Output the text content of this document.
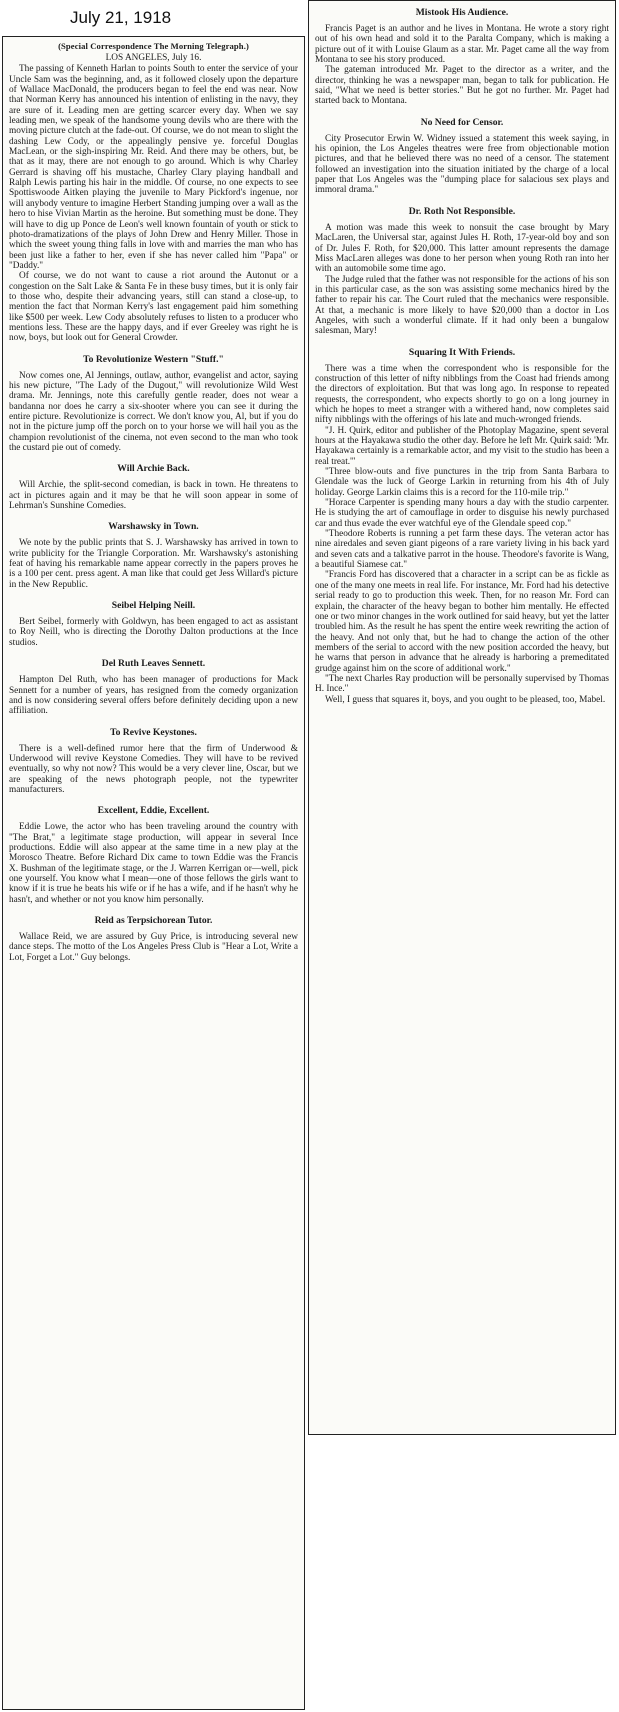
July 21, 1918

(Special Correspondence The Morning Telegraph.)

LOS ANGELES, July 16.

The passing of Kenneth Harlan to points South to enter the service of your Uncle Sam was the beginning, and, as it followed closely upon the departure of Wallace MacDonald, the producers began to feel the end was near. Now that Norman Kerry has announced his intention of enlisting in the navy, they are sure of it. Leading men are getting scarcer every day. When we say leading men, we speak of the handsome young devils who are there with the moving picture clutch at the fade-out. Of course, we do not mean to slight the dashing Lew Cody, or the appealingly pensive ye. forceful Douglas MacLean, or the sigh-inspiring Mr. Reid. And there may be others, but, be that as it may, there are not enough to go around. Which is why Charley Gerrard is shaving off his mustache, Charley Clary playing handball and Ralph Lewis parting his hair in the middle. Of course, no one expects to see Spottiswoode Aitken playing the juvenile to Mary Pickford's ingenue, nor will anybody venture to imagine Herbert Standing jumping over a wall as the hero to hise Vivian Martin as the heroine. But something must be done. They will have to dig up Ponce de Leon's well known fountain of youth or stick to photo-dramatizations of the plays of John Drew and Henry Miller. Those in which the sweet young thing falls in love with and marries the man who has been just like a father to her, even if she has never called him "Papa" or "Daddy."

Of course, we do not want to cause a riot around the Autonut or a congestion on the Salt Lake & Santa Fe in these busy times, but it is only fair to those who, despite their advancing years, still can stand a close-up, to mention the fact that Norman Kerry's last engagement paid him something like $500 per week. Lew Cody absolutely refuses to listen to a producer who mentions less. These are the happy days, and if ever Greeley was right he is now, boys, but look out for General Crowder.

To Revolutionize Western "Stuff."

Now comes one, Al Jennings, outlaw, author, evangelist and actor, saying his new picture, "The Lady of the Dugout," will revolutionize Wild West drama. Mr. Jennings, note this carefully gentle reader, does not wear a bandanna nor does he carry a six-shooter where you can see it during the entire picture. Revolutionize is correct. We don't know you, Al, but if you do not in the picture jump off the porch on to your horse we will hail you as the champion revolutionist of the cinema, not even second to the man who took the custard pie out of comedy.

Will Archie Back.

Will Archie, the split-second comedian, is back in town. He threatens to act in pictures again and it may be that he will soon appear in some of Lehrman's Sunshine Comedies.

Warshawsky in Town.

We note by the public prints that S. J. Warshawsky has arrived in town to write publicity for the Triangle Corporation. Mr. Warshawsky's astonishing feat of having his remarkable name appear correctly in the papers proves he is a 100 per cent. press agent. A man like that could get Jess Willard's picture in the New Republic.

Seibel Helping Neill.

Bert Seibel, formerly with Goldwyn, has been engaged to act as assistant to Roy Neill, who is directing the Dorothy Dalton productions at the Ince studios.

Del Ruth Leaves Sennett.

Hampton Del Ruth, who has been manager of productions for Mack Sennett for a number of years, has resigned from the comedy organization and is now considering several offers before definitely deciding upon a new affiliation.

To Revive Keystones.

There is a well-defined rumor here that the firm of Underwood & Underwood will revive Keystone Comedies. They will have to be revived eventually, so why not now? This would be a very clever line, Oscar, but we are speaking of the news photograph people, not the typewriter manufacturers.

Excellent, Eddie, Excellent.

Eddie Lowe, the actor who has been traveling around the country with "The Brat," a legitimate stage production, will appear in several Ince productions. Eddie will also appear at the same time in a new play at the Morosco Theatre. Before Richard Dix came to town Eddie was the Francis X. Bushman of the legitimate stage, or the J. Warren Kerrigan or—well, pick one yourself. You know what I mean—one of those fellows the girls want to know if it is true he beats his wife or if he has a wife, and if he hasn't why he hasn't, and whether or not you know him personally.

Reid as Terpsichorean Tutor.

Wallace Reid, we are assured by Guy Price, is introducing several new dance steps. The motto of the Los Angeles Press Club is "Hear a Lot, Write a Lot, Forget a Lot." Guy belongs.

Mistook His Audience.

Francis Paget is an author and he lives in Montana. He wrote a story right out of his own head and sold it to the Paralta Company, which is making a picture out of it with Louise Glaum as a star. Mr. Paget came all the way from Montana to see his story produced.

The gateman introduced Mr. Paget to the director as a writer, and the director, thinking he was a newspaper man, began to talk for publication. He said, "What we need is better stories." But he got no further. Mr. Paget had started back to Montana.

No Need for Censor.

City Prosecutor Erwin W. Widney issued a statement this week saying, in his opinion, the Los Angeles theatres were free from objectionable motion pictures, and that he believed there was no need of a censor. The statement followed an investigation into the situation initiated by the charge of a local paper that Los Angeles was the "dumping place for salacious sex plays and immoral drama."

Dr. Roth Not Responsible.

A motion was made this week to nonsuit the case brought by Mary MacLaren, the Universal star, against Jules H. Roth, 17-year-old boy and son of Dr. Jules F. Roth, for $20,000. This latter amount represents the damage Miss MacLaren alleges was done to her person when young Roth ran into her with an automobile some time ago.

The Judge ruled that the father was not responsible for the actions of his son in this particular case, as the son was assisting some mechanics hired by the father to repair his car. The Court ruled that the mechanics were responsible. At that, a mechanic is more likely to have $20,000 than a doctor in Los Angeles, with such a wonderful climate. If it had only been a bungalow salesman, Mary!

Squaring It With Friends.

There was a time when the correspondent who is responsible for the construction of this letter of nifty nibblings from the Coast had friends among the directors of exploitation. But that was long ago. In response to repeated requests, the correspondent, who expects shortly to go on a long journey in which he hopes to meet a stranger with a withered hand, now completes said nifty nibblings with the offerings of his late and much-wronged friends.

"J. H. Quirk, editor and publisher of the Photoplay Magazine, spent several hours at the Hayakawa studio the other day. Before he left Mr. Quirk said: 'Mr. Hayakawa certainly is a remarkable actor, and my visit to the studio has been a real treat.'"

"Three blow-outs and five punctures in the trip from Santa Barbara to Glendale was the luck of George Larkin in returning from his 4th of July holiday. George Larkin claims this is a record for the 110-mile trip."

"Horace Carpenter is spending many hours a day with the studio carpenter. He is studying the art of camouflage in order to disguise his newly purchased car and thus evade the ever watchful eye of the Glendale speed cop."

"Theodore Roberts is running a pet farm these days. The veteran actor has nine airedales and seven giant pigeons of a rare variety living in his back yard and seven cats and a talkative parrot in the house. Theodore's favorite is Wang, a beautiful Siamese cat."

"Francis Ford has discovered that a character in a script can be as fickle as one of the many one meets in real life. For instance, Mr. Ford had his detective serial ready to go to production this week. Then, for no reason Mr. Ford can explain, the character of the heavy began to bother him mentally. He effected one or two minor changes in the work outlined for said heavy, but yet the latter troubled him. As the result he has spent the entire week rewriting the action of the heavy. And not only that, but he had to change the action of the other members of the serial to accord with the new position accorded the heavy, but he warns that person in advance that he already is harboring a premeditated grudge against him on the score of additional work."

"The next Charles Ray production will be personally supervised by Thomas H. Ince."

Well, I guess that squares it, boys, and you ought to be pleased, too, Mabel.
